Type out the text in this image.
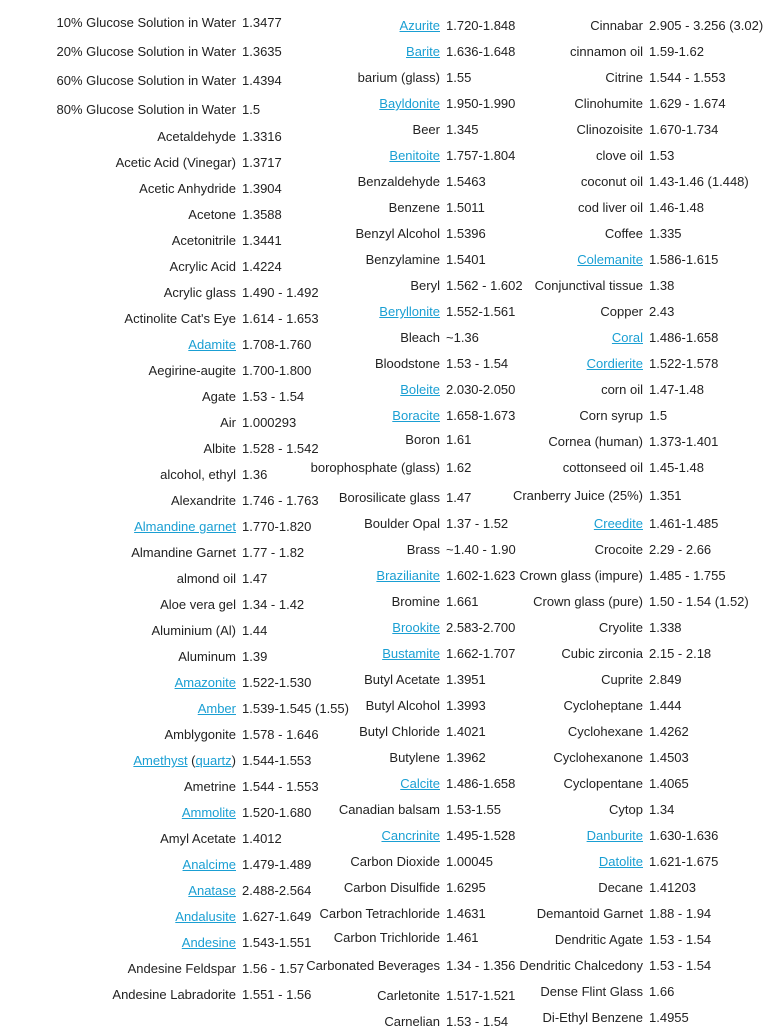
10% Glucose Solution in Water 1.3477
20% Glucose Solution in Water 1.3635
60% Glucose Solution in Water 1.4394
80% Glucose Solution in Water 1.5
Acetaldehyde 1.3316
Acetic Acid (Vinegar) 1.3717
Acetic Anhydride 1.3904
Acetone 1.3588
Acetonitrile 1.3441
Acrylic Acid 1.4224
Acrylic glass 1.490 - 1.492
Actinolite Cat's Eye 1.614 - 1.653
Adamite 1.708-1.760
Aegirine-augite 1.700-1.800
Agate 1.53 - 1.54
Air 1.000293
Albite 1.528 - 1.542
alcohol, ethyl 1.36
Alexandrite 1.746 - 1.763
Almandine garnet 1.770-1.820
Almandine Garnet 1.77 - 1.82
almond oil 1.47
Aloe vera gel 1.34 - 1.42
Aluminium (Al) 1.44
Aluminum 1.39
Amazonite 1.522-1.530
Amber 1.539-1.545 (1.55)
Amblygonite 1.578 - 1.646
Amethyst (quartz) 1.544-1.553
Ametrine 1.544 - 1.553
Ammolite 1.520-1.680
Amyl Acetate 1.4012
Analcime 1.479-1.489
Anatase 2.488-2.564
Andalusite 1.627-1.649
Andesine 1.543-1.551
Andesine Feldspar 1.56 - 1.57
Andesine Labradorite 1.551 - 1.56
Azurite 1.720-1.848
Barite 1.636-1.648
barium (glass) 1.55
Bayldonite 1.950-1.990
Beer 1.345
Benitoite 1.757-1.804
Benzaldehyde 1.5463
Benzene 1.5011
Benzyl Alcohol 1.5396
Benzylamine 1.5401
Beryl 1.562 - 1.602
Beryllonite 1.552-1.561
Bleach ~1.36
Bloodstone 1.53 - 1.54
Boleite 2.030-2.050
Boracite 1.658-1.673
Boron 1.61
borophosphate (glass) 1.62
Borosilicate glass 1.47
Boulder Opal 1.37 - 1.52
Brass ~1.40 - 1.90
Brazilianite 1.602-1.623
Bromine 1.661
Brookite 2.583-2.700
Bustamite 1.662-1.707
Butyl Acetate 1.3951
Butyl Alcohol 1.3993
Butyl Chloride 1.4021
Butylene 1.3962
Calcite 1.486-1.658
Canadian balsam 1.53-1.55
Cancrinite 1.495-1.528
Carbon Dioxide 1.00045
Carbon Disulfide 1.6295
Carbon Tetrachloride 1.4631
Carbon Trichloride 1.461
Carbonated Beverages 1.34 - 1.356
Carletonite 1.517-1.521
Carnelian 1.53 - 1.54
Cinnabar 2.905 - 3.256 (3.02)
cinnamon oil 1.59-1.62
Citrine 1.544 - 1.553
Clinohumite 1.629 - 1.674
Clinozoisite 1.670-1.734
clove oil 1.53
coconut oil 1.43-1.46 (1.448)
cod liver oil 1.46-1.48
Coffee 1.335
Colemanite 1.586-1.615
Conjunctival tissue 1.38
Copper 2.43
Coral 1.486-1.658
Cordierite 1.522-1.578
corn oil 1.47-1.48
Corn syrup 1.5
Cornea (human) 1.373-1.401
cottonseed oil 1.45-1.48
Cranberry Juice (25%) 1.351
Creedite 1.461-1.485
Crocoite 2.29 - 2.66
Crown glass (impure) 1.485 - 1.755
Crown glass (pure) 1.50 - 1.54 (1.52)
Cryolite 1.338
Cubic zirconia 2.15 - 2.18
Cuprite 2.849
Cycloheptane 1.444
Cyclohexane 1.4262
Cyclohexanone 1.4503
Cyclopentane 1.4065
Cytop 1.34
Danburite 1.630-1.636
Datolite 1.621-1.675
Decane 1.41203
Demantoid Garnet 1.88 - 1.94
Dendritic Agate 1.53 - 1.54
Dendritic Chalcedony 1.53 - 1.54
Dense Flint Glass 1.66
Di-Ethyl Benzene 1.4955
